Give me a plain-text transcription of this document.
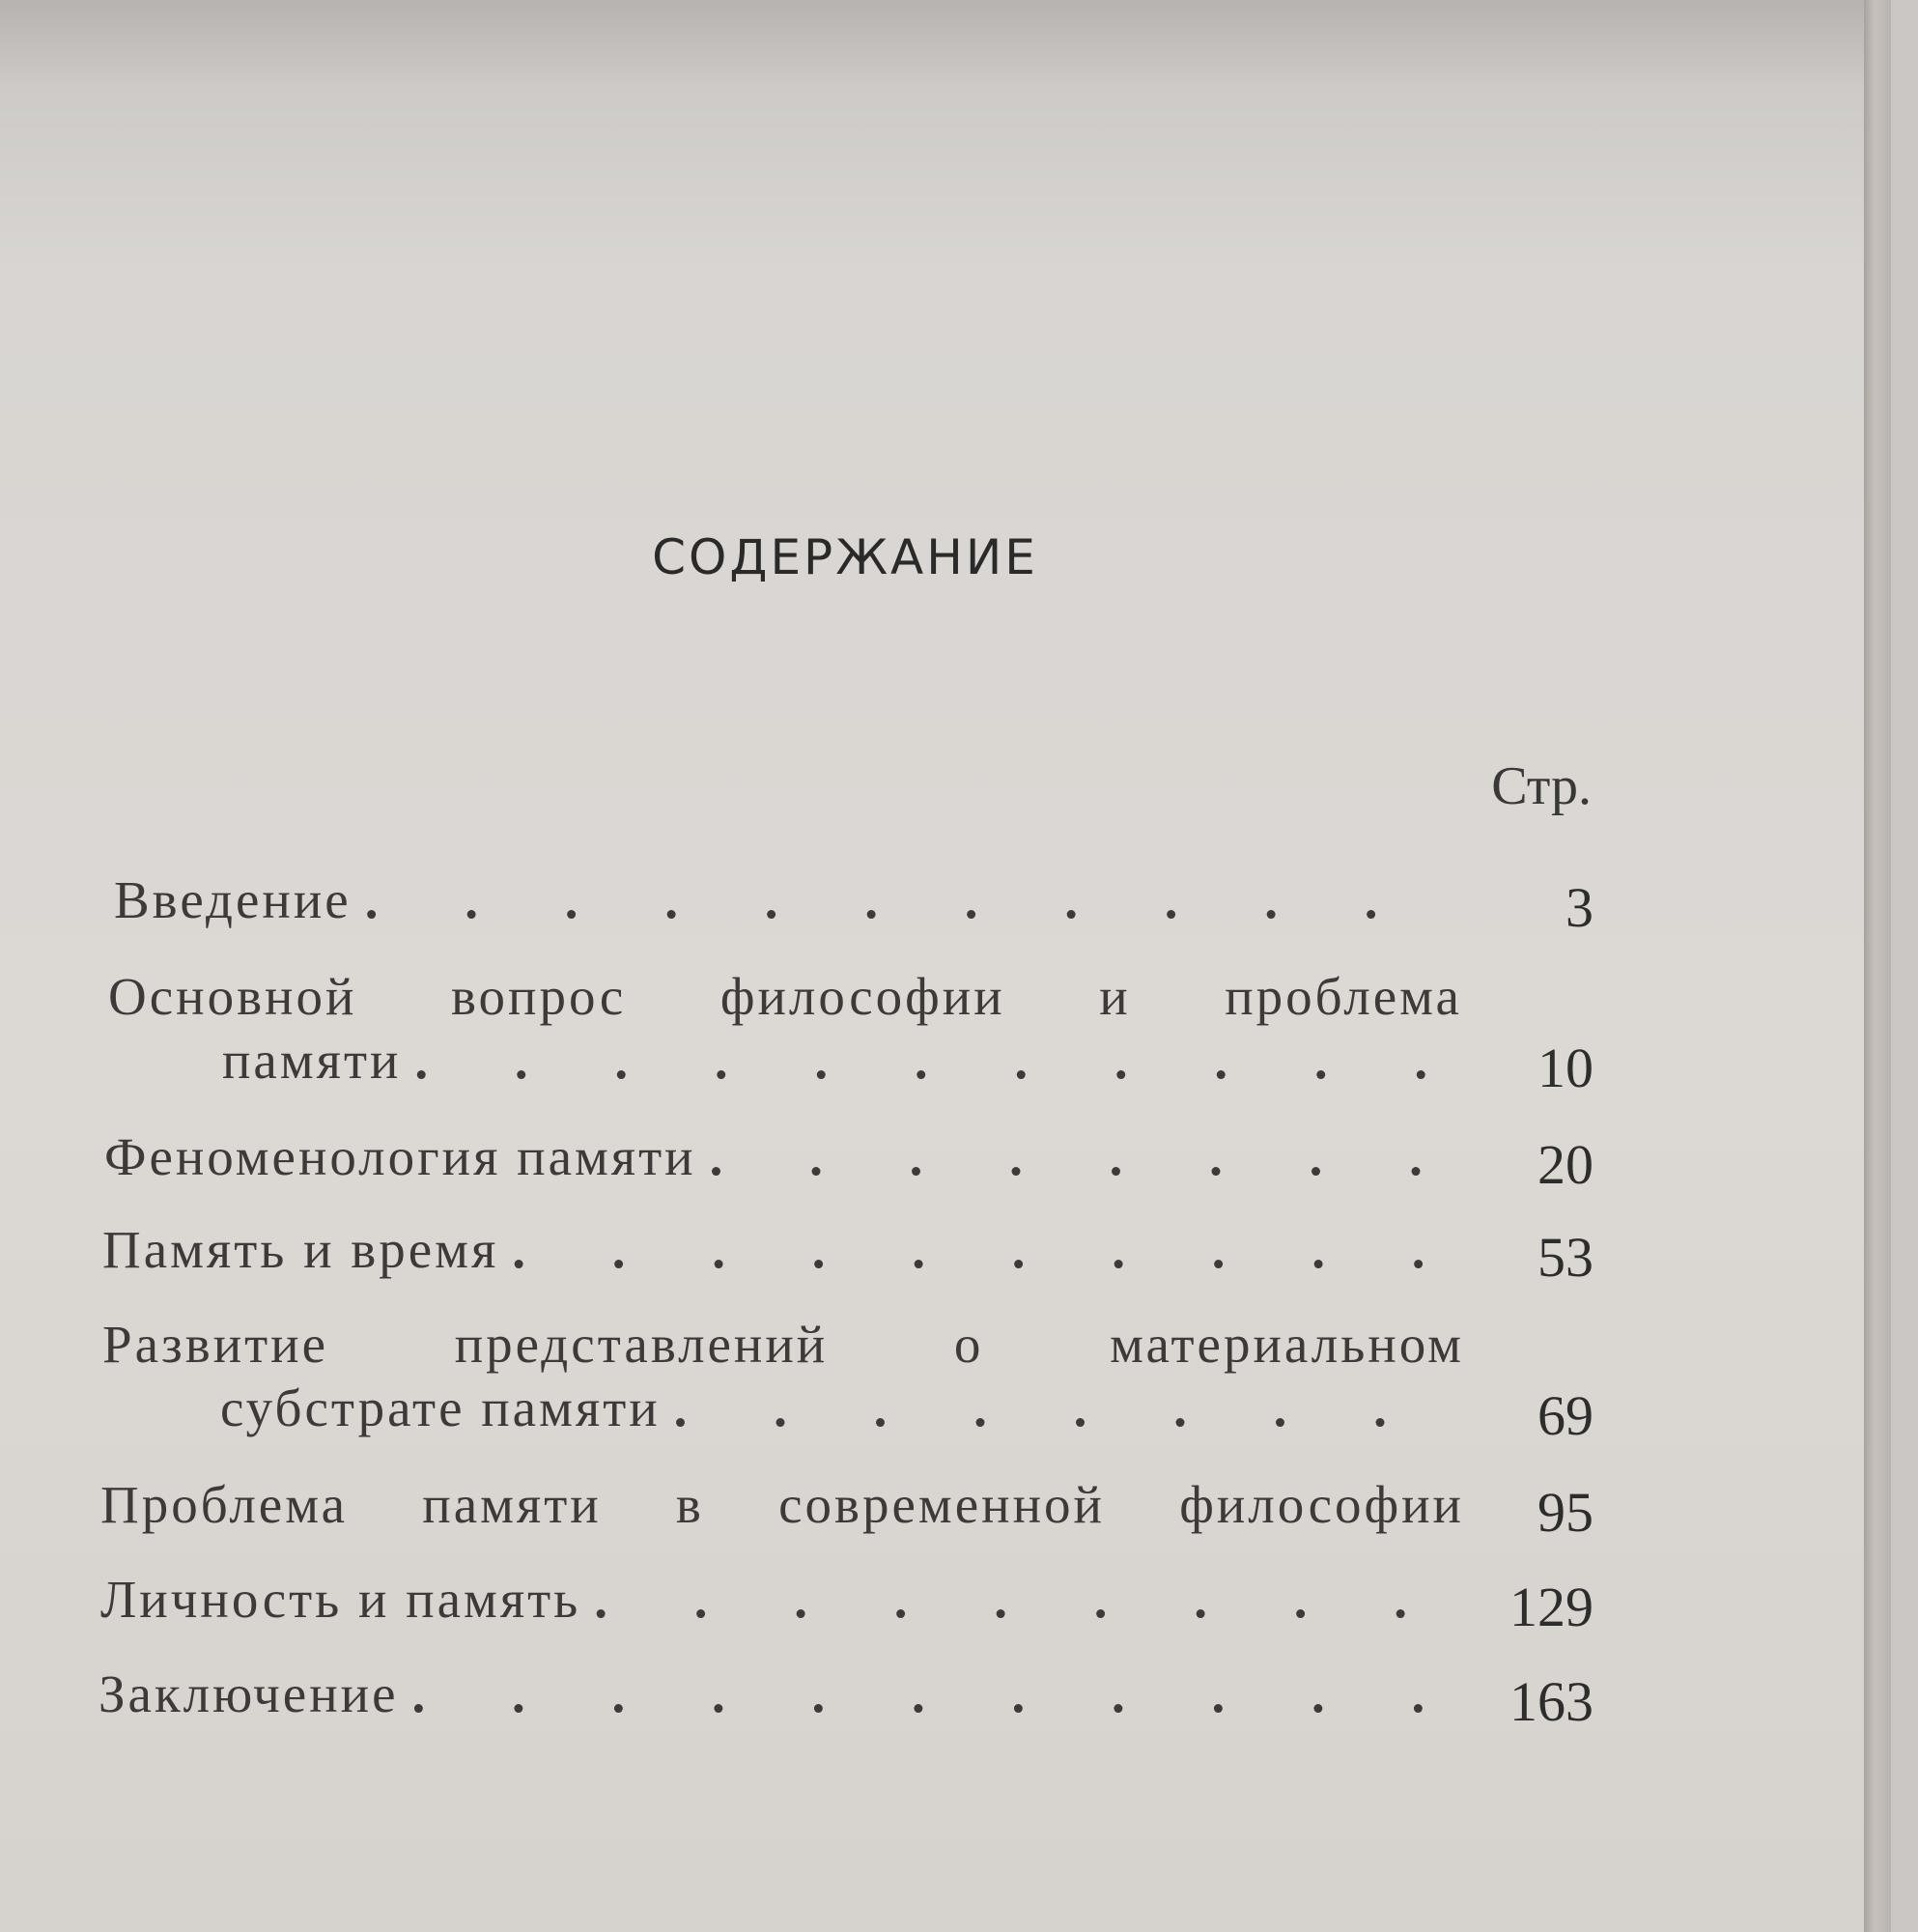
СОДЕРЖАНИЕ
Стр.
Введение . .	3
Основной вопрос философии и проблема
памяти . .	10
Феноменология памяти . .	20
Память и время . .	53
Развитие представлений о материальном
субстрате памяти . .	69
Проблема памяти в современной философии	95
Личность и память . .	129
Заключение . .	163
